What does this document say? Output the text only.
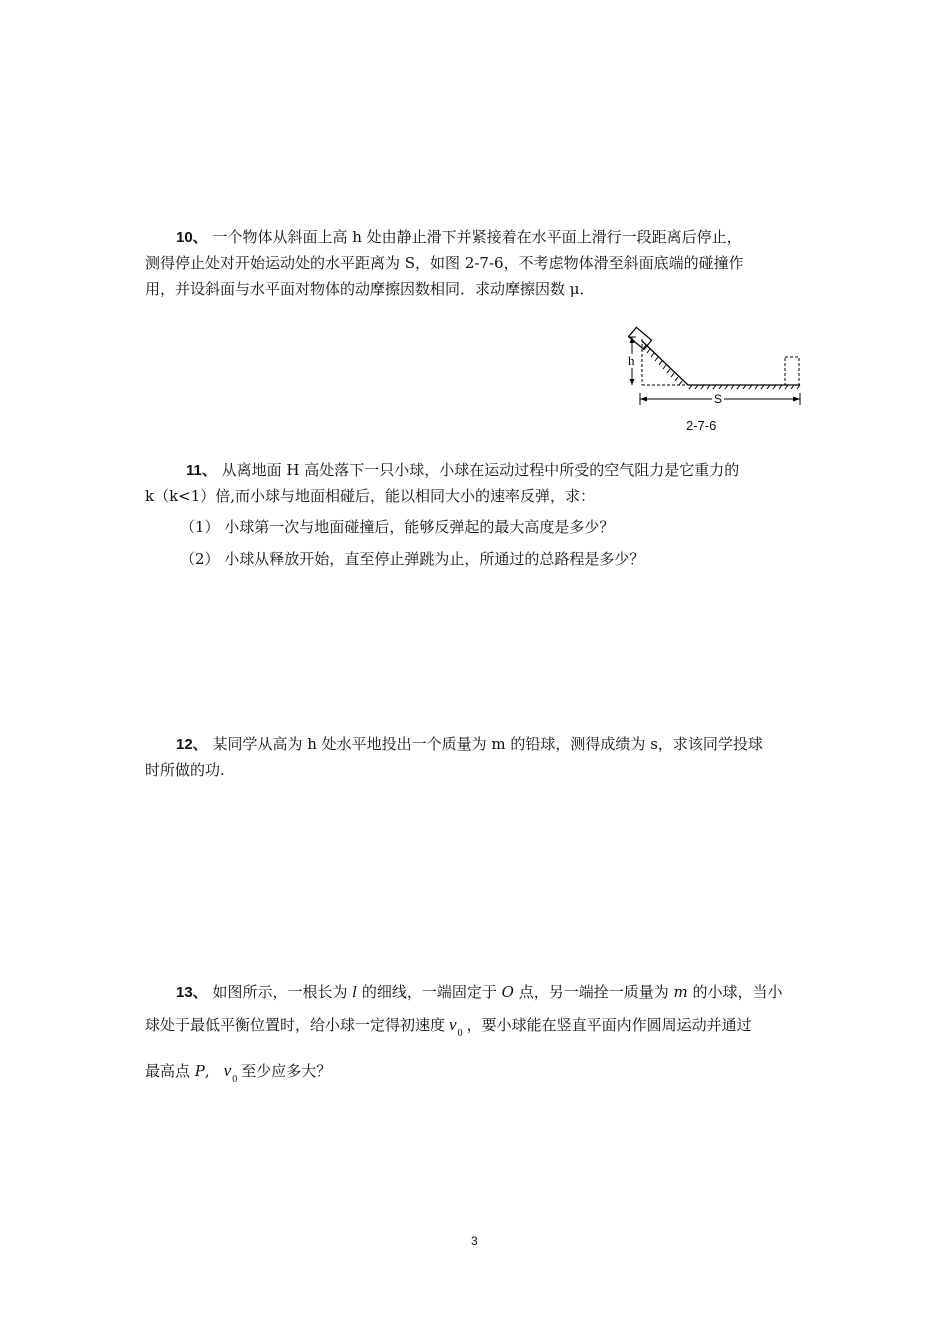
10、 一个物体从斜面上高 h 处由静止滑下并紧接着在水平面上滑行一段距离后停止，
测得停止处对开始运动处的水平距离为 S，如图 2-7-6，不考虑物体滑至斜面底端的碰撞作
用，并设斜面与水平面对物体的动摩擦因数相同．求动摩擦因数 μ．
h
S
2-7-6
11、 从离地面 H 高处落下一只小球，小球在运动过程中所受的空气阻力是它重力的
k（k<1）倍,而小球与地面相碰后，能以相同大小的速率反弹，求：
（1） 小球第一次与地面碰撞后，能够反弹起的最大高度是多少？
（2） 小球从释放开始，直至停止弹跳为止，所通过的总路程是多少？
12、 某同学从高为 h 处水平地投出一个质量为 m 的铅球，测得成绩为 s，求该同学投球
时所做的功.
13、 如图所示，一根长为 l 的细线，一端固定于 O 点，另一端拴一质量为 m 的小球，当小
球处于最低平衡位置时，给小球一定得初速度 $v_0$ ，要小球能在竖直平面内作圆周运动并通过
最高点 P, $v_0$ 至少应多大？
3
